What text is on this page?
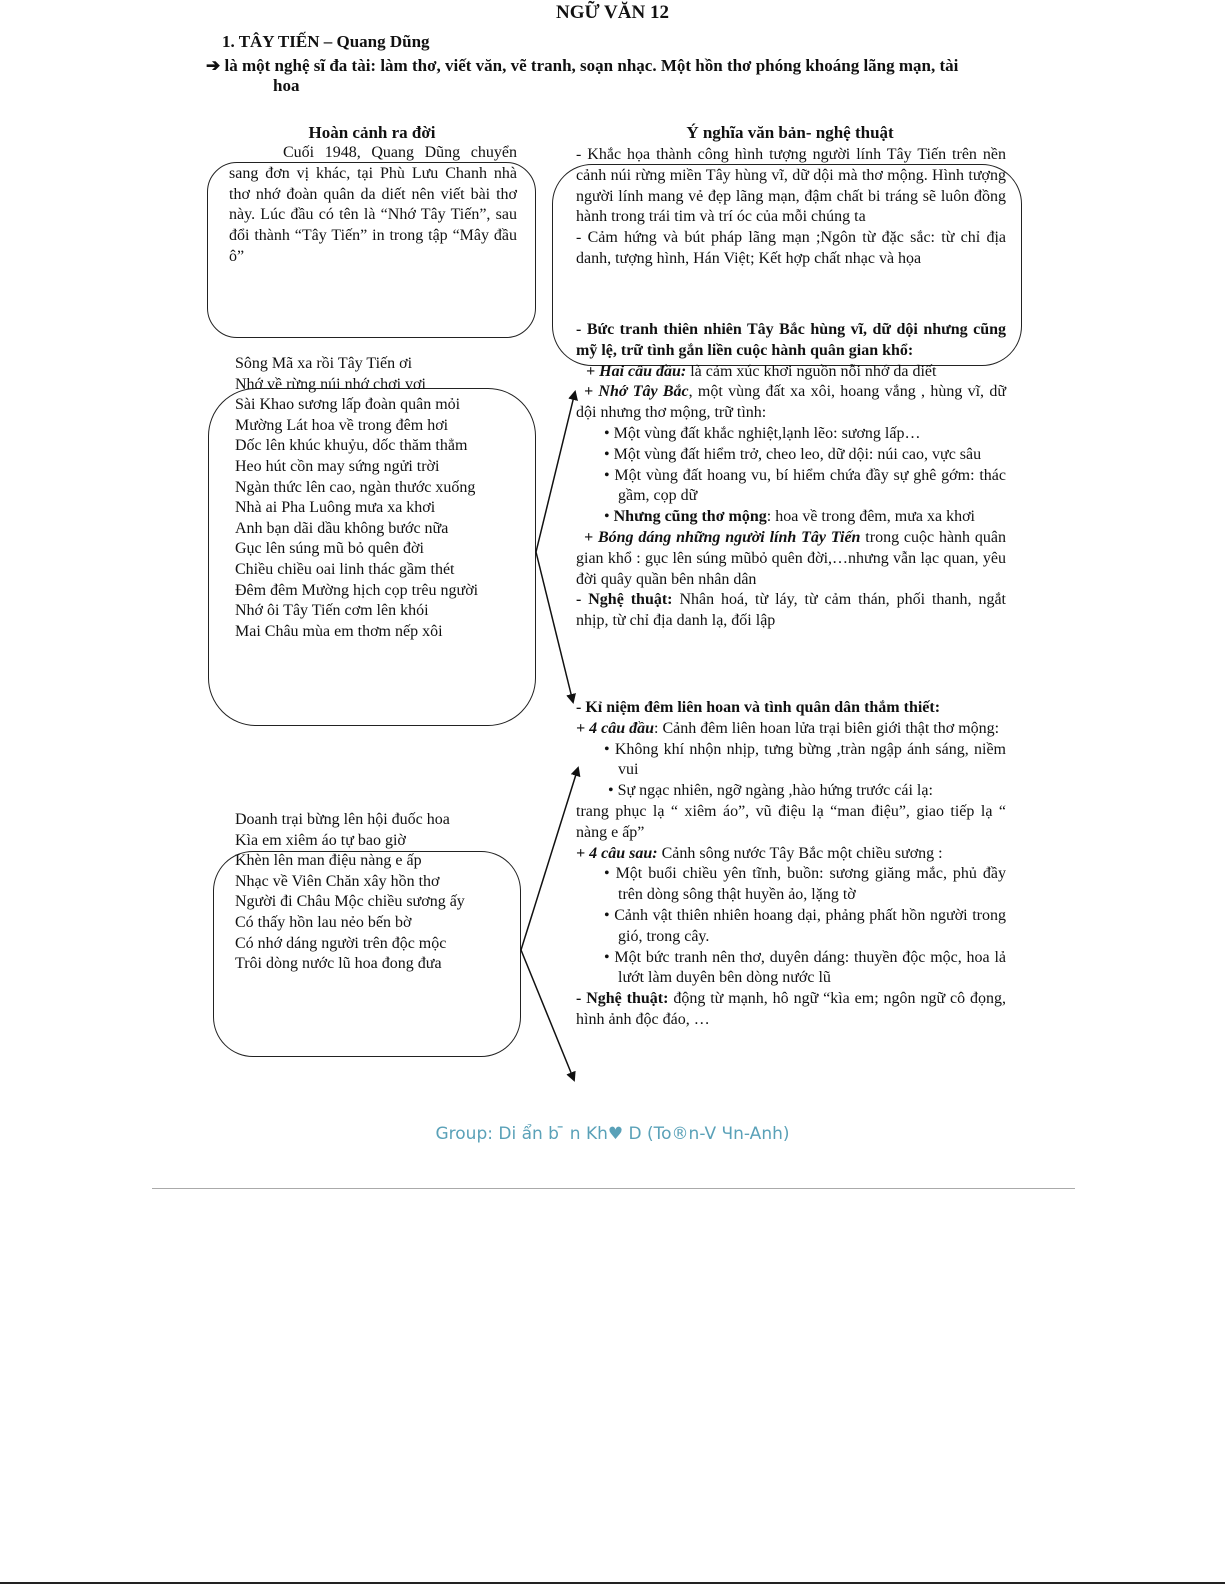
NGỮ VĂN 12
1. TÂY TIẾN – Quang Dũng
➔ là một nghệ sĩ đa tài: làm thơ, viết văn, vẽ tranh, soạn nhạc. Một hồn thơ phóng khoáng lãng mạn, tài
hoa
Hoàn cảnh ra đời
Cuối 1948, Quang Dũng chuyển sang đơn vị khác, tại Phù Lưu Chanh nhà thơ nhớ đoàn quân da diết nên viết bài thơ này. Lúc đầu có tên là “Nhớ Tây Tiến”, sau đổi thành “Tây Tiến” in trong tập “Mây đầu ô”
Ý nghĩa văn bản- nghệ thuật

- Khắc họa thành công hình tượng người lính Tây Tiến trên nền cảnh núi rừng miền Tây hùng vĩ, dữ dội mà thơ mộng. Hình tượng người lính mang vẻ đẹp lãng mạn, đậm chất bi tráng sẽ luôn đồng hành trong trái tim và trí óc của mỗi chúng ta

- Cảm hứng và bút pháp lãng mạn ;Ngôn từ đặc sắc: từ chỉ địa danh, tượng hình, Hán Việt; Kết hợp chất nhạc và họa

- Bức tranh thiên nhiên Tây Bắc hùng vĩ, dữ dội nhưng cũng mỹ lệ, trữ tình gắn liền cuộc hành quân gian khổ:

+ Hai câu đầu: là cảm xúc khơi nguồn nỗi nhớ da diết

+ Nhớ Tây Bắc, một vùng đất xa xôi, hoang vắng , hùng vĩ, dữ dội nhưng thơ mộng, trữ tình:

• Một vùng đất khắc nghiệt,lạnh lẽo: sương lấp…

• Một vùng đất hiểm trở, cheo leo, dữ dội: núi cao, vực sâu

• Một vùng đất hoang vu, bí hiểm chứa đầy sự ghê gớm: thác gầm, cọp dữ

• Nhưng cũng thơ mộng: hoa về trong đêm, mưa xa khơi

+ Bóng dáng những người lính Tây Tiến trong cuộc hành quân gian khổ : gục lên súng mũbỏ quên đời,…nhưng vẫn lạc quan, yêu đời quây quần bên nhân dân

- Nghệ thuật: Nhân hoá, từ láy, từ cảm thán, phối thanh, ngắt nhịp, từ chỉ địa danh lạ, đối lập

- Kỉ niệm đêm liên hoan và tình quân dân thắm thiết:

+ 4 câu đầu: Cảnh đêm liên hoan lửa trại biên giới thật thơ mộng:

• Không khí nhộn nhịp, tưng bừng ,tràn ngập ánh sáng, niềm vui

• Sự ngạc nhiên, ngỡ ngàng ,hào hứng trước cái lạ:

trang phục lạ “ xiêm áo”, vũ điệu lạ “man điệu”, giao tiếp lạ “ nàng e ấp”

+ 4 câu sau: Cảnh sông nước Tây Bắc một chiều sương :

• Một buổi chiều yên tĩnh, buồn: sương giăng mắc, phủ đầy trên dòng sông thật huyền ảo, lặng tờ

• Cảnh vật thiên nhiên hoang dại, phảng phất hồn người trong gió, trong cây.

• Một bức tranh nên thơ, duyên dáng: thuyền độc mộc, hoa lả lướt làm duyên bên dòng nước lũ

- Nghệ thuật: động từ mạnh, hô ngữ “kìa em; ngôn ngữ cô đọng, hình ảnh độc đáo, …

Sông Mã xa rồi Tây Tiến ơi
Nhớ về rừng núi nhớ chơi vơi
Sài Khao sương lấp đoàn quân mỏi
Mường Lát hoa về trong đêm hơi
Dốc lên khúc khuỷu, dốc thăm thẳm
Heo hút cồn may sứng ngửi trời
Ngàn thức lên cao, ngàn thước xuống
Nhà ai Pha Luông mưa xa khơi
Anh bạn dãi dầu không bước nữa
Gục lên súng mũ bỏ quên đời
Chiều chiều oai linh thác gầm thét
Đêm đêm Mường hịch cọp trêu người
Nhớ ôi Tây Tiến cơm lên khói
Mai Châu mùa em thơm nếp xôi
Doanh trại bừng lên hội đuốc hoa
Kìa em xiêm áo tự bao giờ
Khèn lên man điệu nàng e ấp
Nhạc về Viên Chăn xây hồn thơ
Người đi Châu Mộc chiều sương ấy
Có thấy hồn lau nẻo bến bờ
Có nhớ dáng người trên độc mộc
Trôi dòng nước lũ hoa đong đưa
Group: Di ẩn b ̄ n Kh♥ D (To®n-V Чn-Anh)
